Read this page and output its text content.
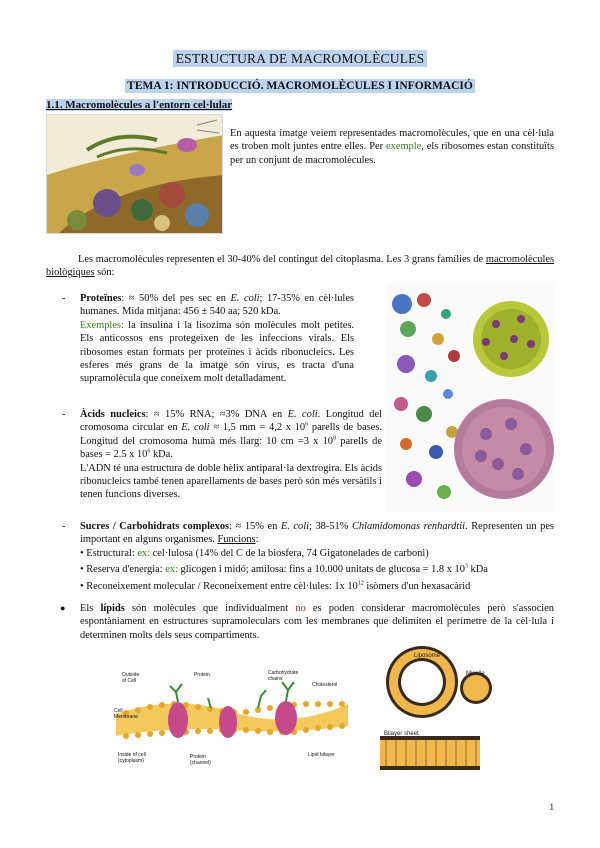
ESTRUCTURA DE MACROMOLÈCULES
TEMA 1: INTRODUCCIÓ. MACROMOLÈCULES I INFORMACIÓ
1.1. Macromolècules a l'entorn cel·lular

En aquesta imatge veiem representades macromolècules, que en una cèl·lula es troben molt juntes entre elles. Per exemple, els ribosomes estan constituïts per un conjunt de macromolècules.

Les macromolècules representen el 30-40% del contingut del citoplasma. Les 3 grans famílies de macromolècules biològiques són:

- Proteïnes: ≈ 50% del pes sec en E. coli; 17-35% en cèl·lules humanes. Mida mitjana: 456 ± 540 aa; 520 kDa.
Exemples: la insulina i la lisozima són molècules molt petites. Els anticossos ens protegeixen de les infeccions virals. Els ribosomes estan formats per proteïnes i àcids ribonucleics. Les esferes més grans de la imatge són virus, es tracta d'una supramolècula que coneixem molt detalladament.

- Àcids nucleics: ≈ 15% RNA; ≈3% DNA en E. coli. Longitud del cromosoma circular en E. coli ≈ 1,5 mm = 4,2 x $10^6$ parells de bases. Longitud del cromosoma humà més llarg: 10 cm =3 x $10^8$ parells de bases = 2.5 x $10^6$ kDa.

L'ADN té una estructura de doble hèlix antiparal·la dextrogira. Els àcids ribonucleics també tenen aparellaments de bases però són més versàtils i tenen funcions diverses.

- Sucres / Carbohidrats complexos: ≈ 15% en E. coli; 38-51% Chlamidomonas renhardtii. Representen un pes important en alguns organismes. Funcions:

• Estructural: ex: cel·lulosa (14% del C de la biosfera, 74 Gigatonelades de carboni)

• Reserva d'energia: ex: glicogen i midó; amilosa: fins a 10.000 unitats de glucosa = 1.8 x $10^3$ kDa

• Reconeixement molecular / Reconeixement entre cèl·lules: 1x $10^{12}$ isòmers d'un hexasacàrid

● Els lípids són molècules que individualment no es poden considerar macromolècules però s'associen espontàniament en estructures supramoleculars com les membranes que delimiten el perímetre de la cèl·lula i determinen molts dels seus compartiments.

Outside of Cell
Cell Membrane
Inside of cell (cytoplasm)
Protein	Carbohydrate chains
Cholesterol
Lipid bilayer
Protein (channel)
Liposome
Micelle
Bilayer sheet
1
